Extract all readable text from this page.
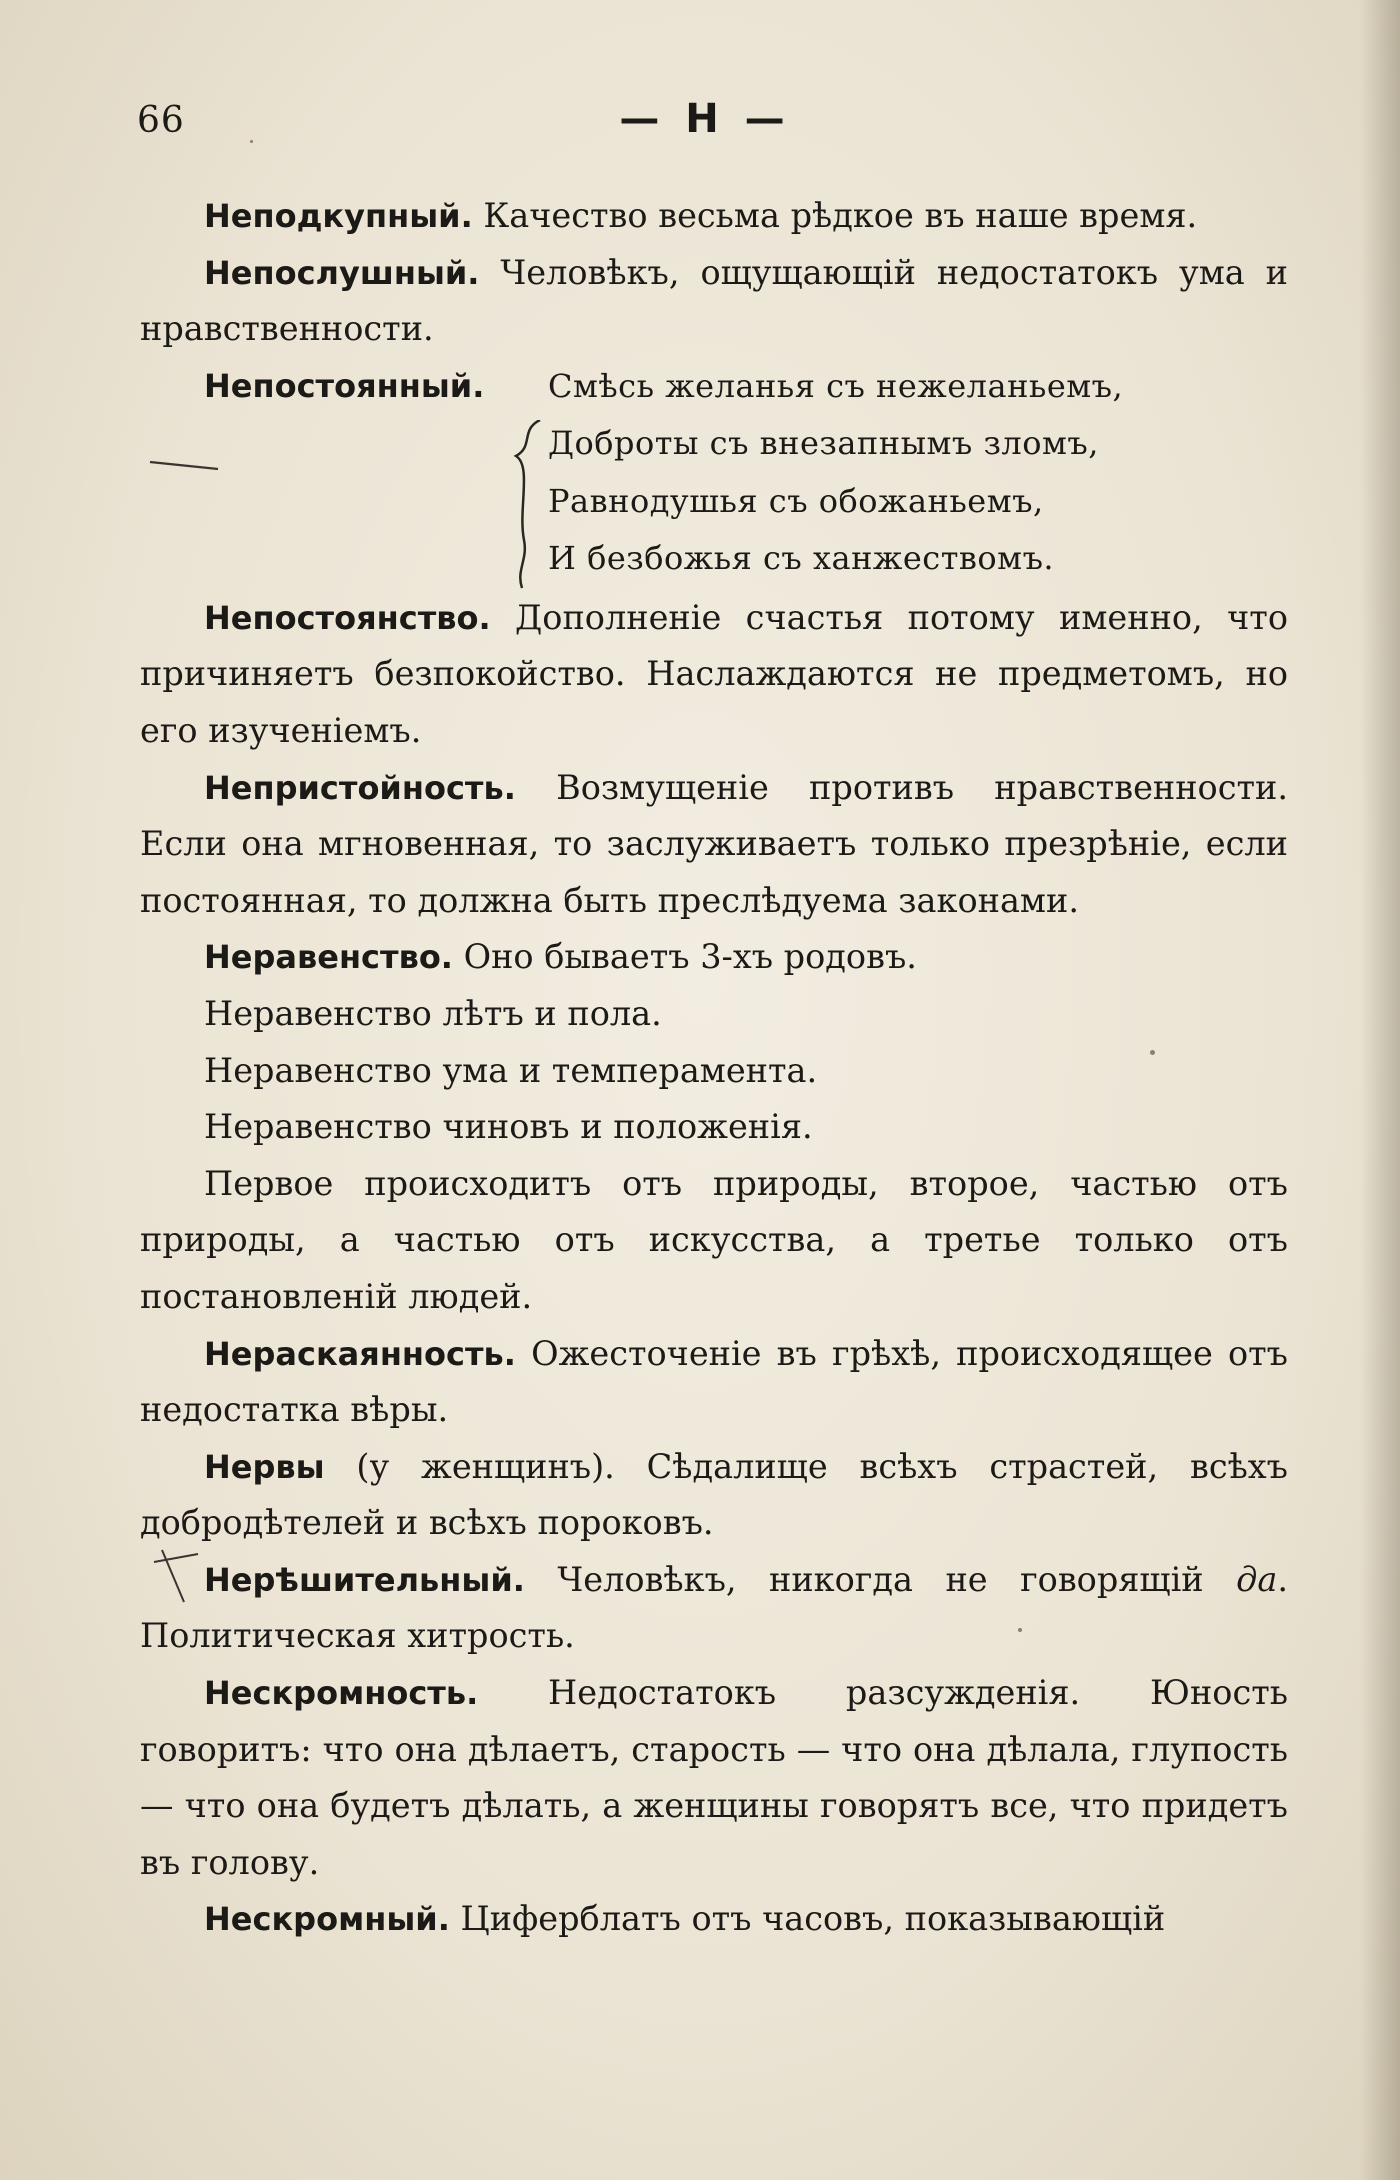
66	— Н —

Неподкупный. Качество весьма рѣдкое въ наше время.

Непослушный. Человѣкъ, ощущающій недостатокъ ума и нравственности.

Непостоянный. Смѣсь желанья съ нежеланьемъ,
Доброты съ внезапнымъ зломъ,
Равнодушья съ обожаньемъ,
И безбожья съ ханжествомъ.

Непостоянство. Дополненіе счастья потому именно, что причиняетъ безпокойство. Наслаждаются не предметомъ, но его изученіемъ.

Непристойность. Возмущеніе противъ нравственности. Если она мгновенная, то заслуживаетъ только презрѣніе, если постоянная, то должна быть преслѣдуема законами.

Неравенство. Оно бываетъ 3-хъ родовъ.

Неравенство лѣтъ и пола.

Неравенство ума и темперамента.

Неравенство чиновъ и положенія.

Первое происходитъ отъ природы, второе, частью отъ природы, а частью отъ искусства, а третье только отъ постановленій людей.

Нераскаянность. Ожесточеніе въ грѣхѣ, происходящее отъ недостатка вѣры.

Нервы (у женщинъ). Сѣдалище всѣхъ страстей, всѣхъ добродѣтелей и всѣхъ пороковъ.

Нерѣшительный. Человѣкъ, никогда не говорящій да. Политическая хитрость.

Нескромность. Недостатокъ разсужденія. Юность говоритъ: что она дѣлаетъ, старость — что она дѣлала, глупость — что она будетъ дѣлать, а женщины говорятъ все, что придетъ въ голову.

Нескромный. Циферблатъ отъ часовъ, показывающій
